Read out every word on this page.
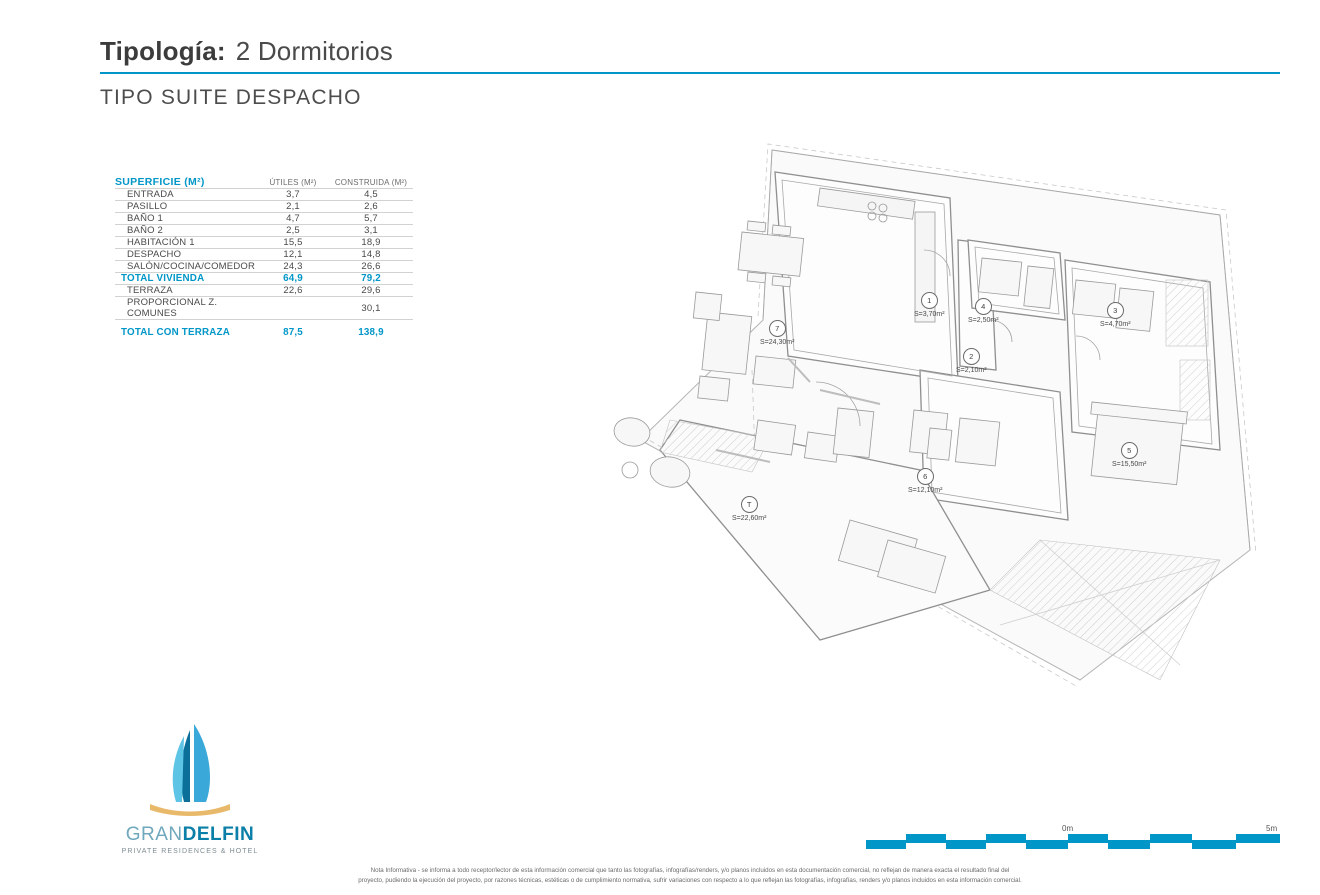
Tipología: 2 Dormitorios
TIPO SUITE DESPACHO
SUPERFICIE (M²)	ÚTILES (M²)	CONSTRUIDA (M²)
ENTRADA	3,7	4,5
PASILLO	2,1	2,6
BAÑO 1	4,7	5,7
BAÑO 2	2,5	3,1
HABITACIÓN 1	15,5	18,9
DESPACHO	12,1	14,8
SALÓN/COCINA/COMEDOR	24,3	26,6
TOTAL VIVIENDA	64,9	79,2
TERRAZA	22,6	29,6
PROPORCIONAL Z. COMUNES		30,1
TOTAL CON TERRAZA	87,5	138,9
1
S=3,70m²
4
S=2,50m²
3
S=4,70m²
2
S=2,10m²
7
S=24,30m²
5
S=15,50m²
6
S=12,10m²
T
S=22,60m²
GRANDELFIN
PRIVATE RESIDENCES & HOTEL
0m	5m
Nota Informativa - se informa a todo receptor/lector de esta información comercial que tanto las fotografías, infografías/renders, y/o planos incluidos en esta documentación comercial, no reflejan de manera exacta el resultado final del
proyecto, pudiendo la ejecución del proyecto, por razones técnicas, estéticas o de cumplimiento normativa, sufrir variaciones con respecto a lo que reflejan las fotografías, infografías, renders y/o planos incluidos en esta información comercial.
